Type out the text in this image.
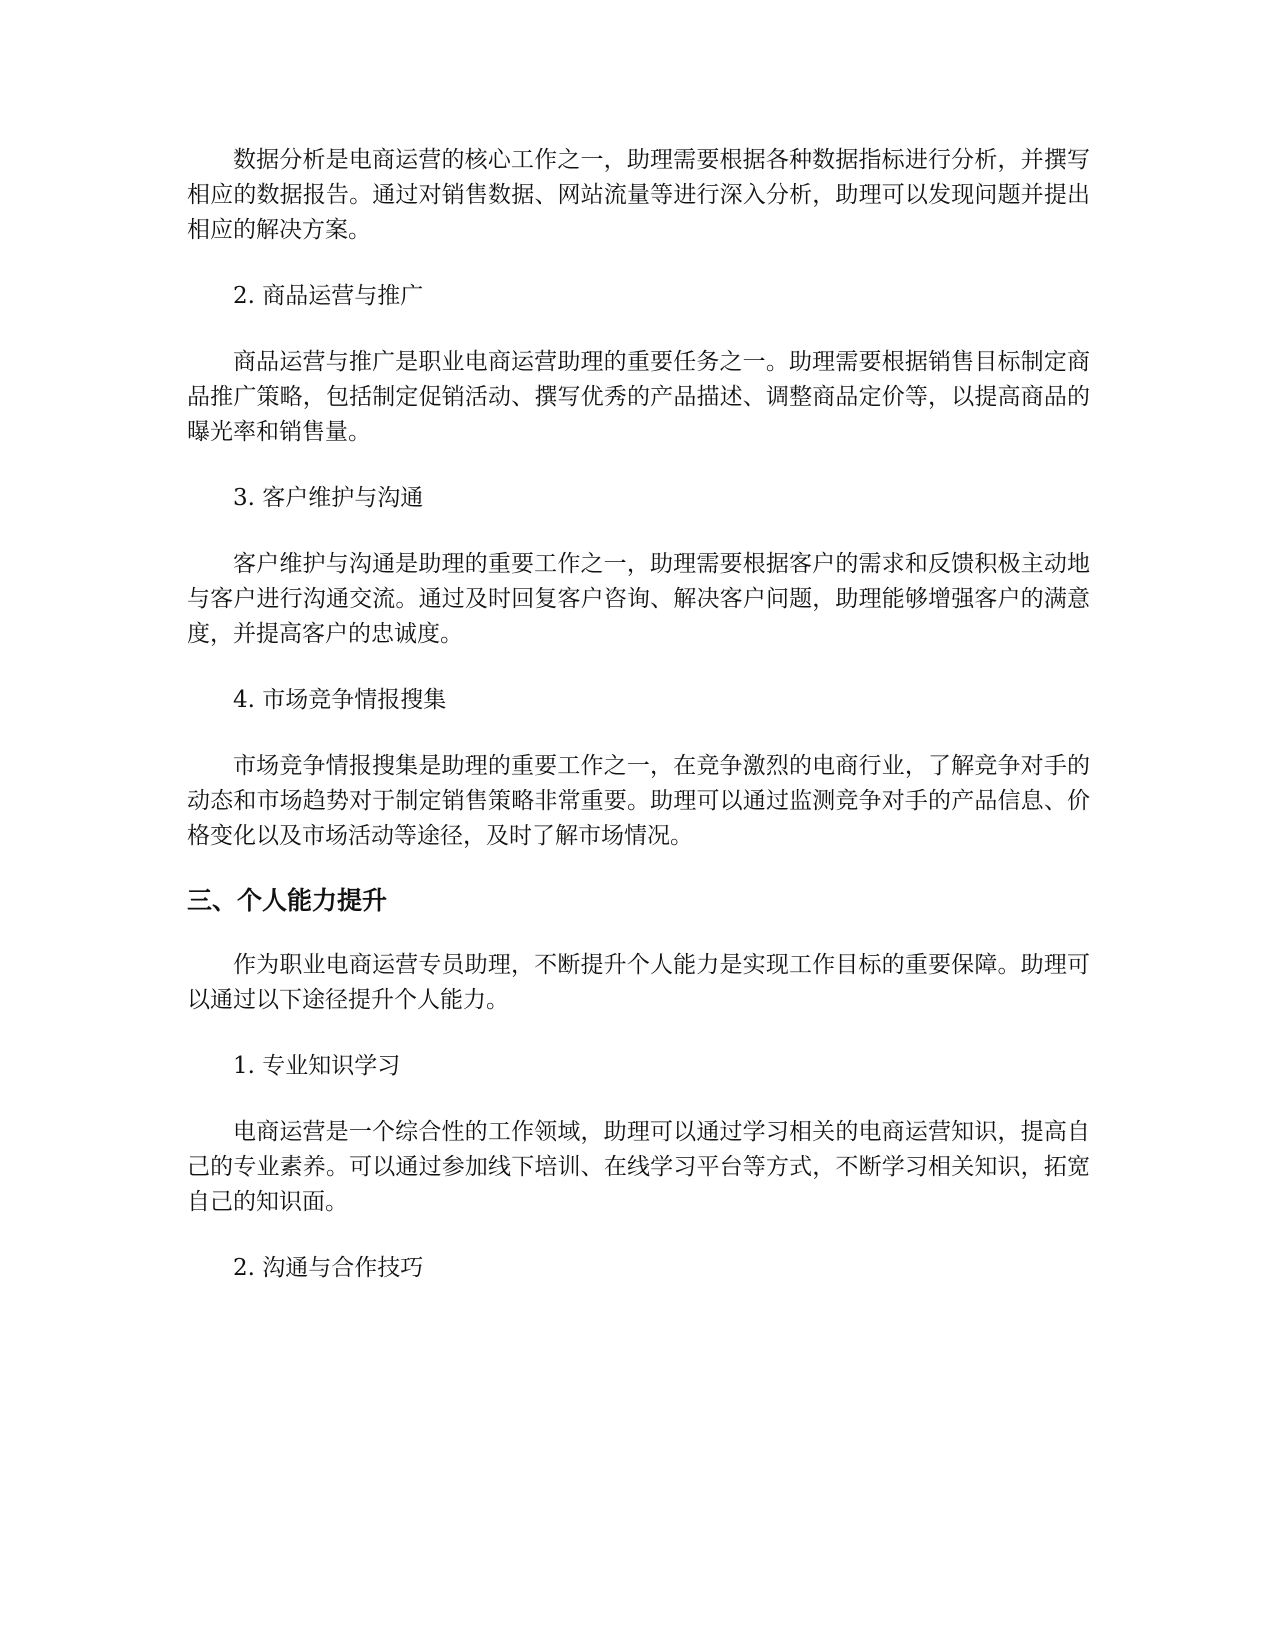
数据分析是电商运营的核心工作之一，助理需要根据各种数据指标进行分析，并撰写相应的数据报告。通过对销售数据、网站流量等进行深入分析，助理可以发现问题并提出相应的解决方案。

2. 商品运营与推广

商品运营与推广是职业电商运营助理的重要任务之一。助理需要根据销售目标制定商品推广策略，包括制定促销活动、撰写优秀的产品描述、调整商品定价等，以提高商品的曝光率和销售量。

3. 客户维护与沟通

客户维护与沟通是助理的重要工作之一，助理需要根据客户的需求和反馈积极主动地与客户进行沟通交流。通过及时回复客户咨询、解决客户问题，助理能够增强客户的满意度，并提高客户的忠诚度。

4. 市场竞争情报搜集

市场竞争情报搜集是助理的重要工作之一，在竞争激烈的电商行业，了解竞争对手的动态和市场趋势对于制定销售策略非常重要。助理可以通过监测竞争对手的产品信息、价格变化以及市场活动等途径，及时了解市场情况。

三、个人能力提升

作为职业电商运营专员助理，不断提升个人能力是实现工作目标的重要保障。助理可以通过以下途径提升个人能力。

1. 专业知识学习

电商运营是一个综合性的工作领域，助理可以通过学习相关的电商运营知识，提高自己的专业素养。可以通过参加线下培训、在线学习平台等方式，不断学习相关知识，拓宽自己的知识面。

2. 沟通与合作技巧
